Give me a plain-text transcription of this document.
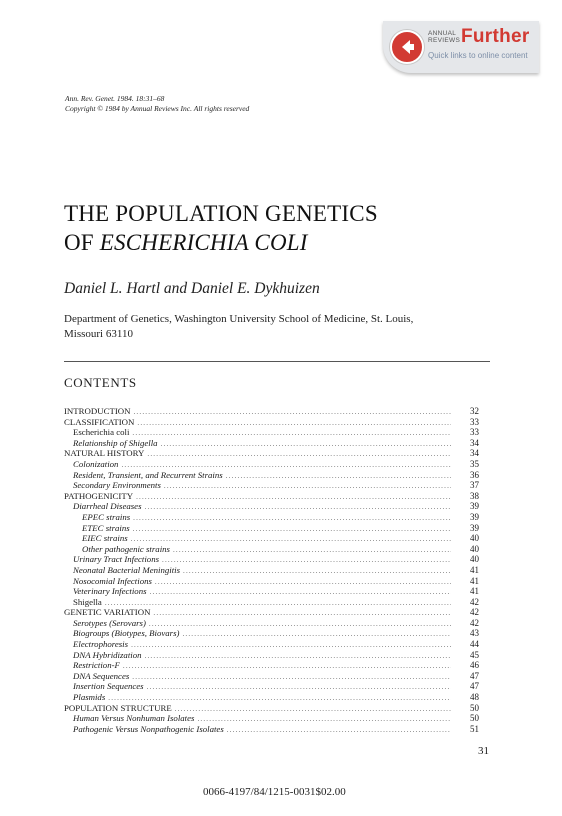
ANNUAL
REVIEWS Further
Quick links to online content
Ann. Rev. Genet. 1984. 18:31–68
Copyright © 1984 by Annual Reviews Inc. All rights reserved
THE POPULATION GENETICS
OF ESCHERICHIA COLI
Daniel L. Hartl and Daniel E. Dykhuizen
Department of Genetics, Washington University School of Medicine, St. Louis,
Missouri 63110
CONTENTS
INTRODUCTION .....	32
CLASSIFICATION .....	33
Escherichia coli .....	33
Relationship of Shigella .....	34
NATURAL HISTORY .....	34
Colonization .....	35
Resident, Transient, and Recurrent Strains .....	36
Secondary Environments .....	37
PATHOGENICITY .....	38
Diarrheal Diseases .....	39
EPEC strains .....	39
ETEC strains .....	39
EIEC strains .....	40
Other pathogenic strains .....	40
Urinary Tract Infections .....	40
Neonatal Bacterial Meningitis .....	41
Nosocomial Infections .....	41
Veterinary Infections .....	41
Shigella .....	42
GENETIC VARIATION .....	42
Serotypes (Serovars) .....	42
Biogroups (Biotypes, Biovars) .....	43
Electrophoresis .....	44
DNA Hybridization .....	45
Restriction-F .....	46
DNA Sequences .....	47
Insertion Sequences .....	47
Plasmids .....	48
POPULATION STRUCTURE .....	50
Human Versus Nonhuman Isolates .....	50
Pathogenic Versus Nonpathogenic Isolates .....	51
31
0066-4197/84/1215-0031$02.00
